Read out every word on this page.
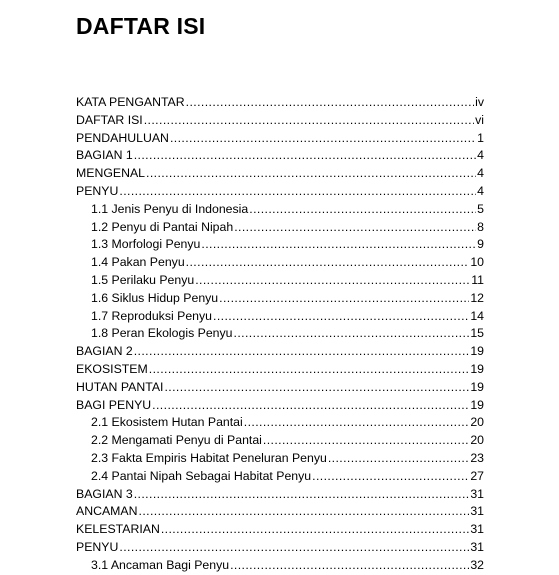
DAFTAR ISI
KATA PENGANTAR .....	iv
DAFTAR ISI .....	vi
PENDAHULUAN .....	1
BAGIAN 1 .....	4
MENGENAL .....	4
PENYU .....	4
1.1 Jenis Penyu di Indonesia .....	5
1.2 Penyu di Pantai Nipah .....	8
1.3 Morfologi Penyu .....	9
1.4 Pakan Penyu .....	10
1.5 Perilaku Penyu .....	11
1.6 Siklus Hidup Penyu .....	12
1.7 Reproduksi Penyu .....	14
1.8 Peran Ekologis Penyu .....	15
BAGIAN 2 .....	19
EKOSISTEM .....	19
HUTAN PANTAI .....	19
BAGI PENYU .....	19
2.1 Ekosistem Hutan Pantai .....	20
2.2 Mengamati Penyu di Pantai .....	20
2.3 Fakta Empiris Habitat Peneluran Penyu .....	23
2.4 Pantai Nipah Sebagai Habitat Penyu .....	27
BAGIAN 3 .....	31
ANCAMAN .....	31
KELESTARIAN .....	31
PENYU .....	31
3.1 Ancaman Bagi Penyu .....	32
